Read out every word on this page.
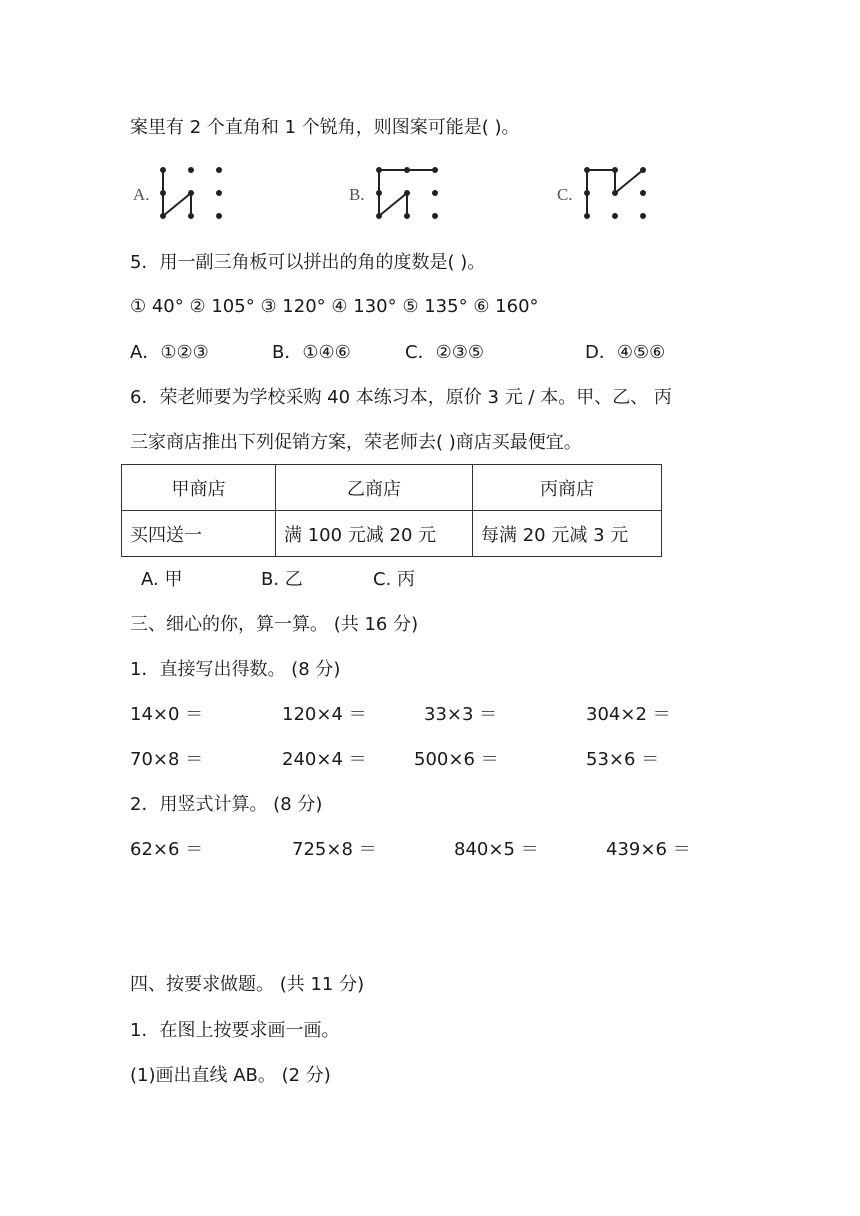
案里有 2 个直角和 1 个锐角，则图案可能是( )。
A.	B.	C.
5．用一副三角板可以拼出的角的度数是( )。
① 40° ② 105° ③ 120° ④ 130° ⑤ 135° ⑥ 160°
A．①②③	B．①④⑥	C．②③⑤	D．④⑤⑥
6．荣老师要为学校采购 40 本练习本，原价 3 元 / 本。甲、乙、 丙
三家商店推出下列促销方案，荣老师去( )商店买最便宜。
甲商店	乙商店	丙商店
买四送一	满 100 元减 20 元	每满 20 元减 3 元
A. 甲	B. 乙	C. 丙
三、细心的你，算一算。 (共 16 分)
1．直接写出得数。 (8 分)
14×0 ＝	120×4 ＝	33×3 ＝	304×2 ＝
70×8 ＝	240×4 ＝	500×6 ＝	53×6 ＝
2．用竖式计算。 (8 分)
62×6 ＝	725×8 ＝	840×5 ＝	439×6 ＝
四、按要求做题。 (共 11 分)
1．在图上按要求画一画。
(1)画出直线 AB。 (2 分)
